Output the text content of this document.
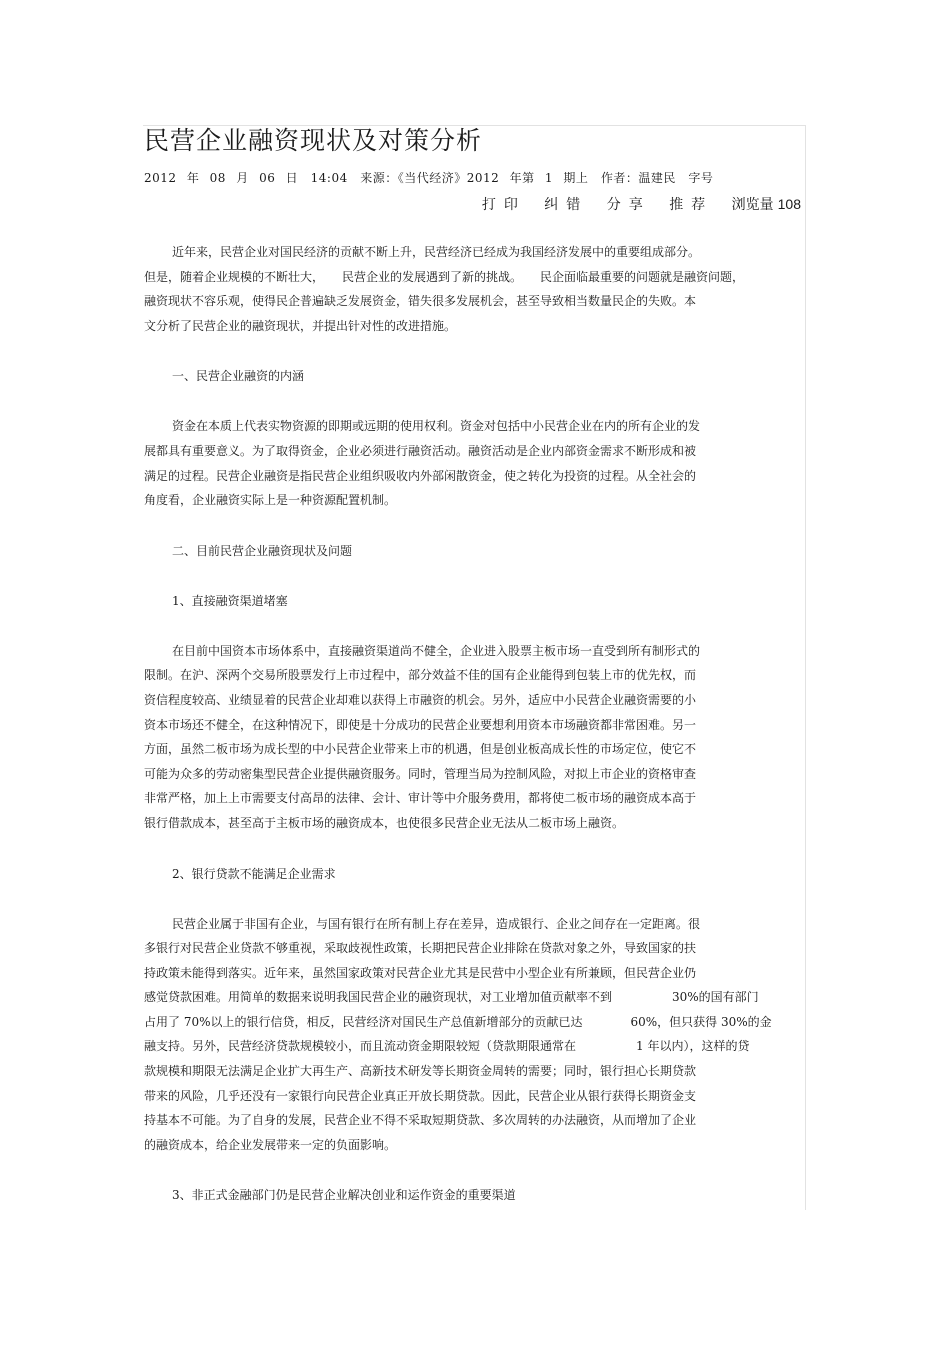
民营企业融资现状及对策分析
2012 年 08 月 06 日　14:04　来源：《当代经济》2012 年第 1 期上　作者：温建民　字号
打印 纠错 分享 推荐 浏览量 108
近年来，民营企业对国民经济的贡献不断上升，民营经济已经成为我国经济发展中的重要组成部分。
但是，随着企业规模的不断壮大，　　民营企业的发展遇到了新的挑战。　　民企面临最重要的问题就是融资问题，
融资现状不容乐观，使得民企普遍缺乏发展资金，错失很多发展机会，甚至导致相当数量民企的失败。本
文分析了民营企业的融资现状，并提出针对性的改进措施。
一、民营企业融资的内涵
资金在本质上代表实物资源的即期或远期的使用权利。资金对包括中小民营企业在内的所有企业的发
展都具有重要意义。为了取得资金，企业必须进行融资活动。融资活动是企业内部资金需求不断形成和被
满足的过程。民营企业融资是指民营企业组织吸收内外部闲散资金，使之转化为投资的过程。从全社会的
角度看，企业融资实际上是一种资源配置机制。
二、目前民营企业融资现状及问题
1、直接融资渠道堵塞
在目前中国资本市场体系中，直接融资渠道尚不健全，企业进入股票主板市场一直受到所有制形式的
限制。在沪、深两个交易所股票发行上市过程中，部分效益不佳的国有企业能得到包装上市的优先权，而
资信程度较高、业绩显着的民营企业却难以获得上市融资的机会。另外，适应中小民营企业融资需要的小
资本市场还不健全，在这种情况下，即使是十分成功的民营企业要想利用资本市场融资都非常困难。另一
方面，虽然二板市场为成长型的中小民营企业带来上市的机遇，但是创业板高成长性的市场定位，使它不
可能为众多的劳动密集型民营企业提供融资服务。同时，管理当局为控制风险，对拟上市企业的资格审查
非常严格，加上上市需要支付高昂的法律、会计、审计等中介服务费用，都将使二板市场的融资成本高于
银行借款成本，甚至高于主板市场的融资成本，也使很多民营企业无法从二板市场上融资。
2、银行贷款不能满足企业需求
民营企业属于非国有企业，与国有银行在所有制上存在差异，造成银行、企业之间存在一定距离。很
多银行对民营企业贷款不够重视，采取歧视性政策，长期把民营企业排除在贷款对象之外，导致国家的扶
持政策未能得到落实。近年来，虽然国家政策对民营企业尤其是民营中小型企业有所兼顾，但民营企业仍
感觉贷款困难。用简单的数据来说明我国民营企业的融资现状，对工业增加值贡献率不到　　　　　30%的国有部门
占用了 70%以上的银行信贷，相反，民营经济对国民生产总值新增部分的贡献已达　　　　60%，但只获得 30%的金
融支持。另外，民营经济贷款规模较小，而且流动资金期限较短（贷款期限通常在　　　　　1 年以内），这样的贷
款规模和期限无法满足企业扩大再生产、高新技术研发等长期资金周转的需要；同时，银行担心长期贷款
带来的风险，几乎还没有一家银行向民营企业真正开放长期贷款。因此，民营企业从银行获得长期资金支
持基本不可能。为了自身的发展，民营企业不得不采取短期贷款、多次周转的办法融资，从而增加了企业
的融资成本，给企业发展带来一定的负面影响。
3、非正式金融部门仍是民营企业解决创业和运作资金的重要渠道
